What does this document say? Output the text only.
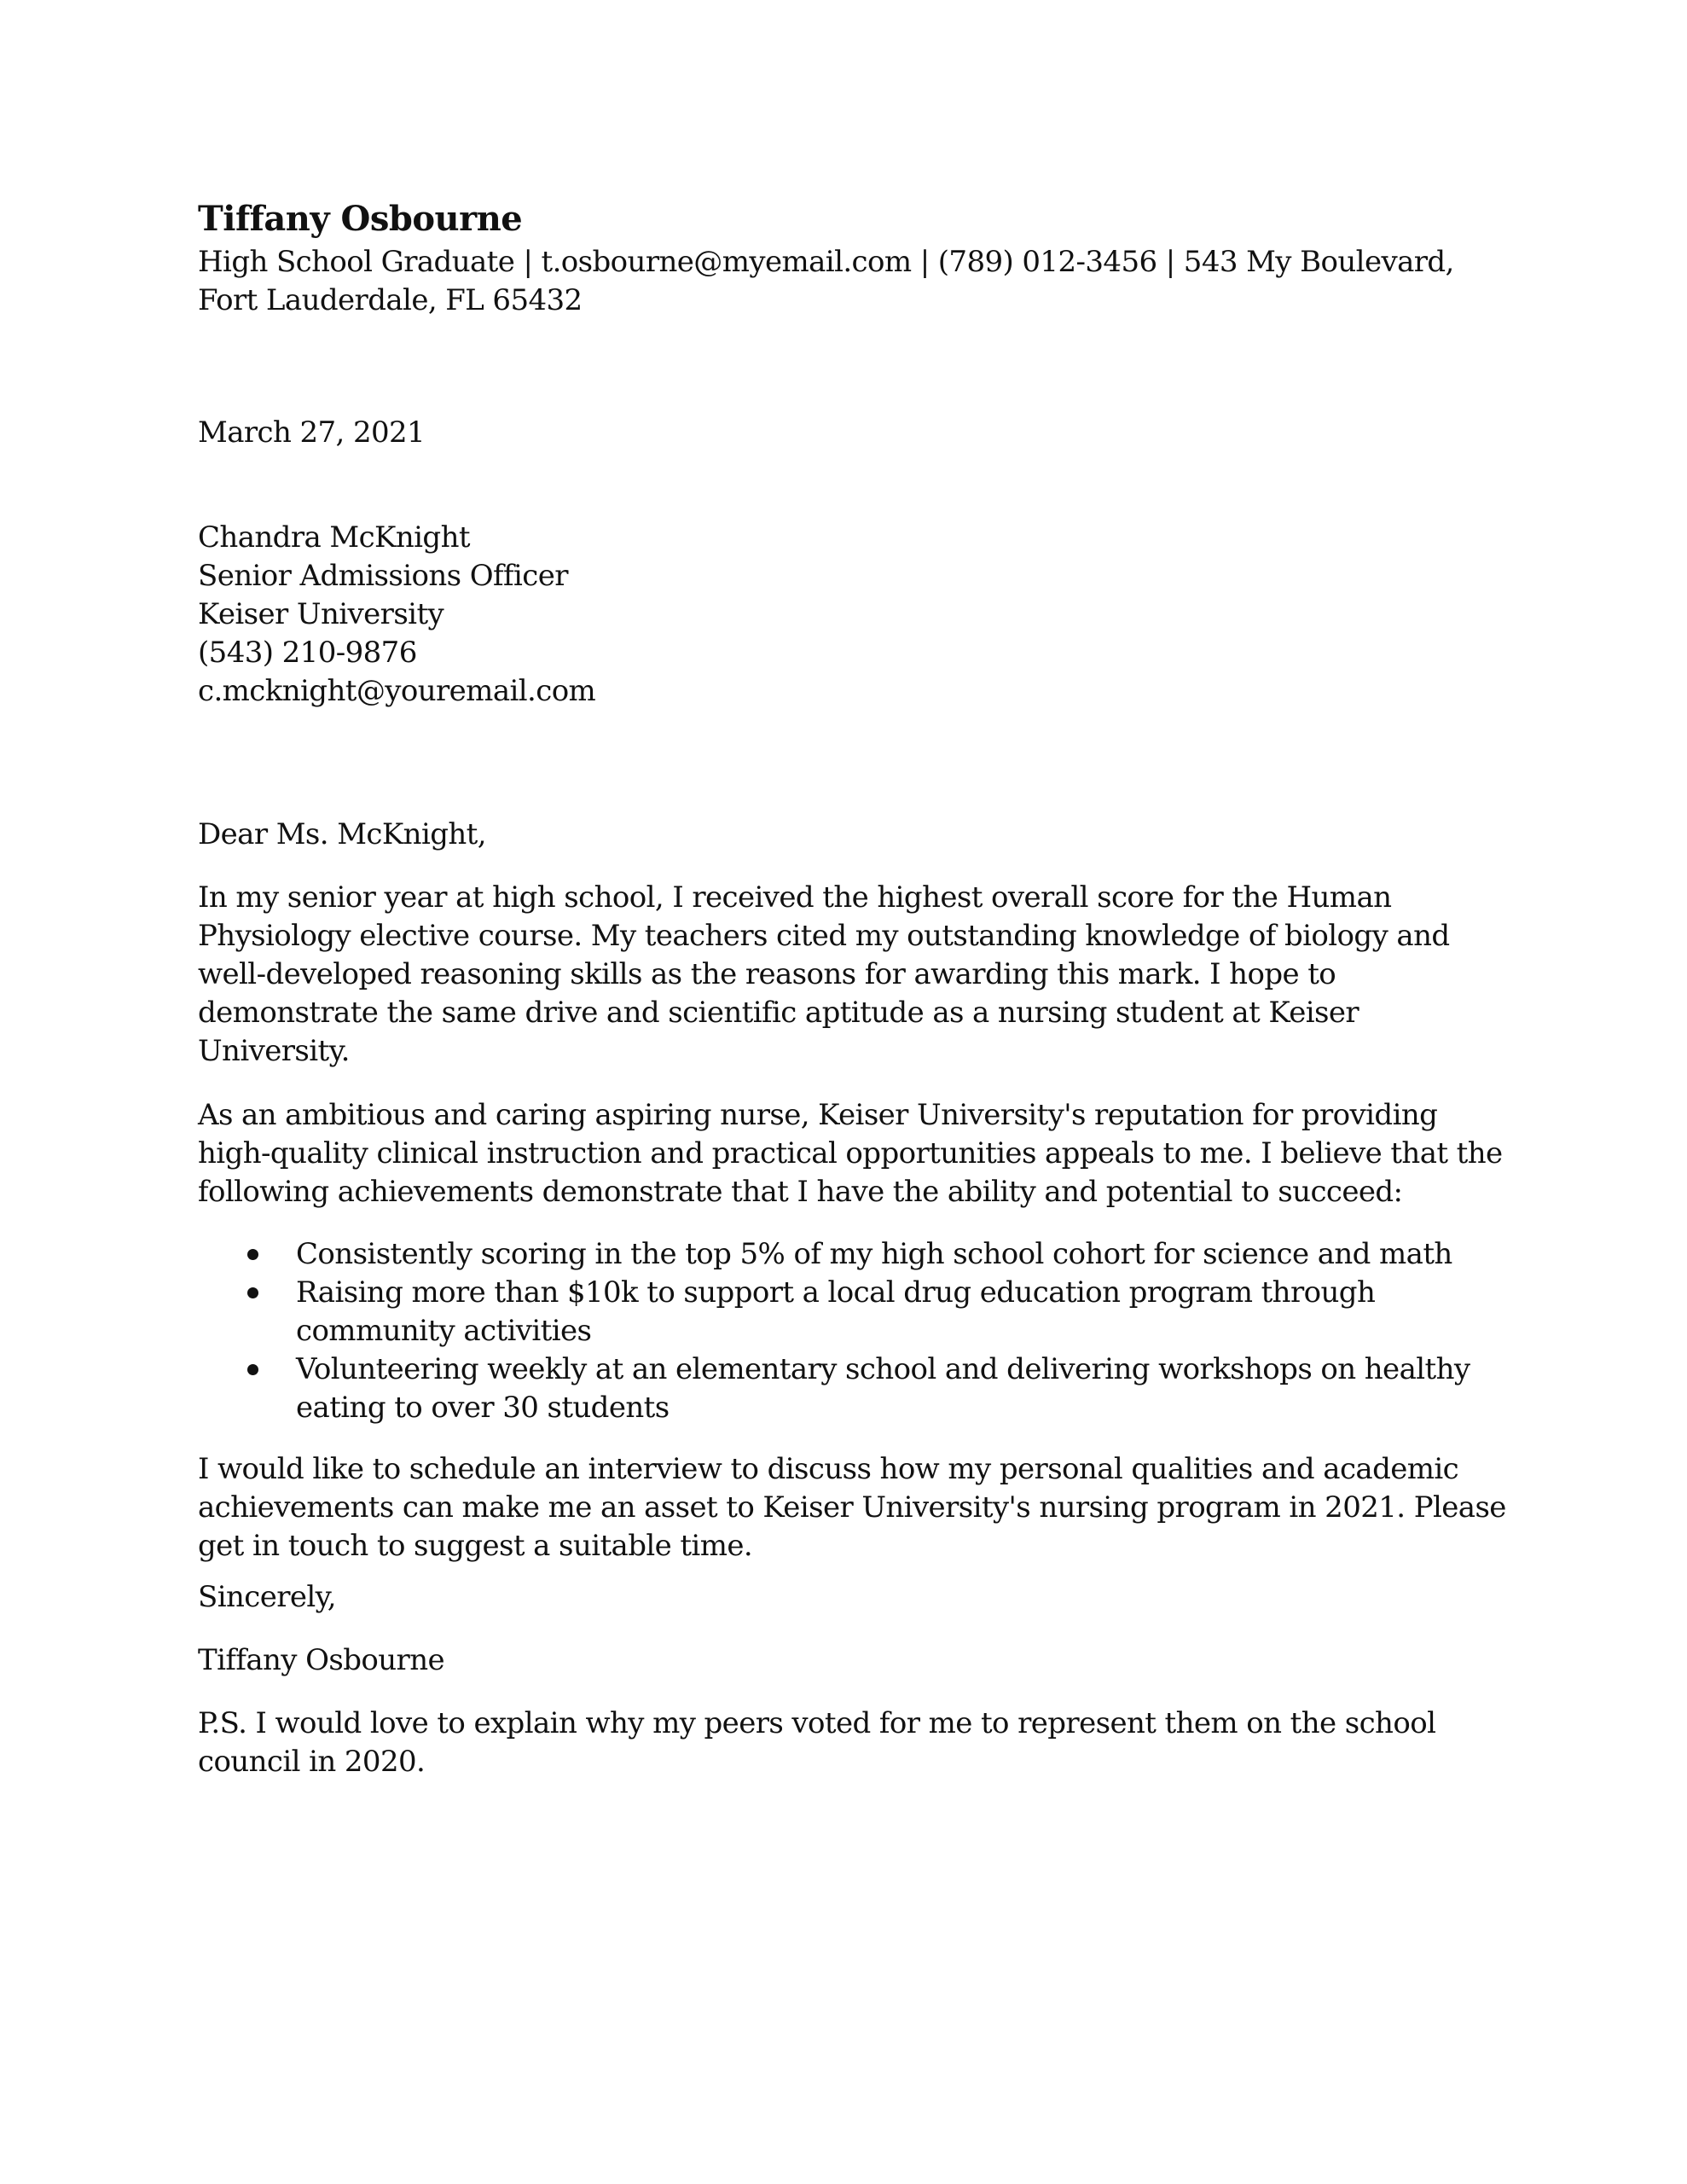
Tiffany Osbourne
High School Graduate | t.osbourne@myemail.com | (789) 012-3456 | 543 My Boulevard,
Fort Lauderdale, FL 65432
March 27, 2021
Chandra McKnight
Senior Admissions Officer
Keiser University
(543) 210-9876
c.mcknight@youremail.com
Dear Ms. McKnight,
In my senior year at high school, I received the highest overall score for the Human
Physiology elective course. My teachers cited my outstanding knowledge of biology and
well-developed reasoning skills as the reasons for awarding this mark. I hope to
demonstrate the same drive and scientific aptitude as a nursing student at Keiser
University.
As an ambitious and caring aspiring nurse, Keiser University's reputation for providing
high-quality clinical instruction and practical opportunities appeals to me. I believe that the
following achievements demonstrate that I have the ability and potential to succeed:
Consistently scoring in the top 5% of my high school cohort for science and math
Raising more than $10k to support a local drug education program through
community activities
Volunteering weekly at an elementary school and delivering workshops on healthy
eating to over 30 students
I would like to schedule an interview to discuss how my personal qualities and academic
achievements can make me an asset to Keiser University's nursing program in 2021. Please
get in touch to suggest a suitable time.
Sincerely,
Tiffany Osbourne
P.S. I would love to explain why my peers voted for me to represent them on the school
council in 2020.
